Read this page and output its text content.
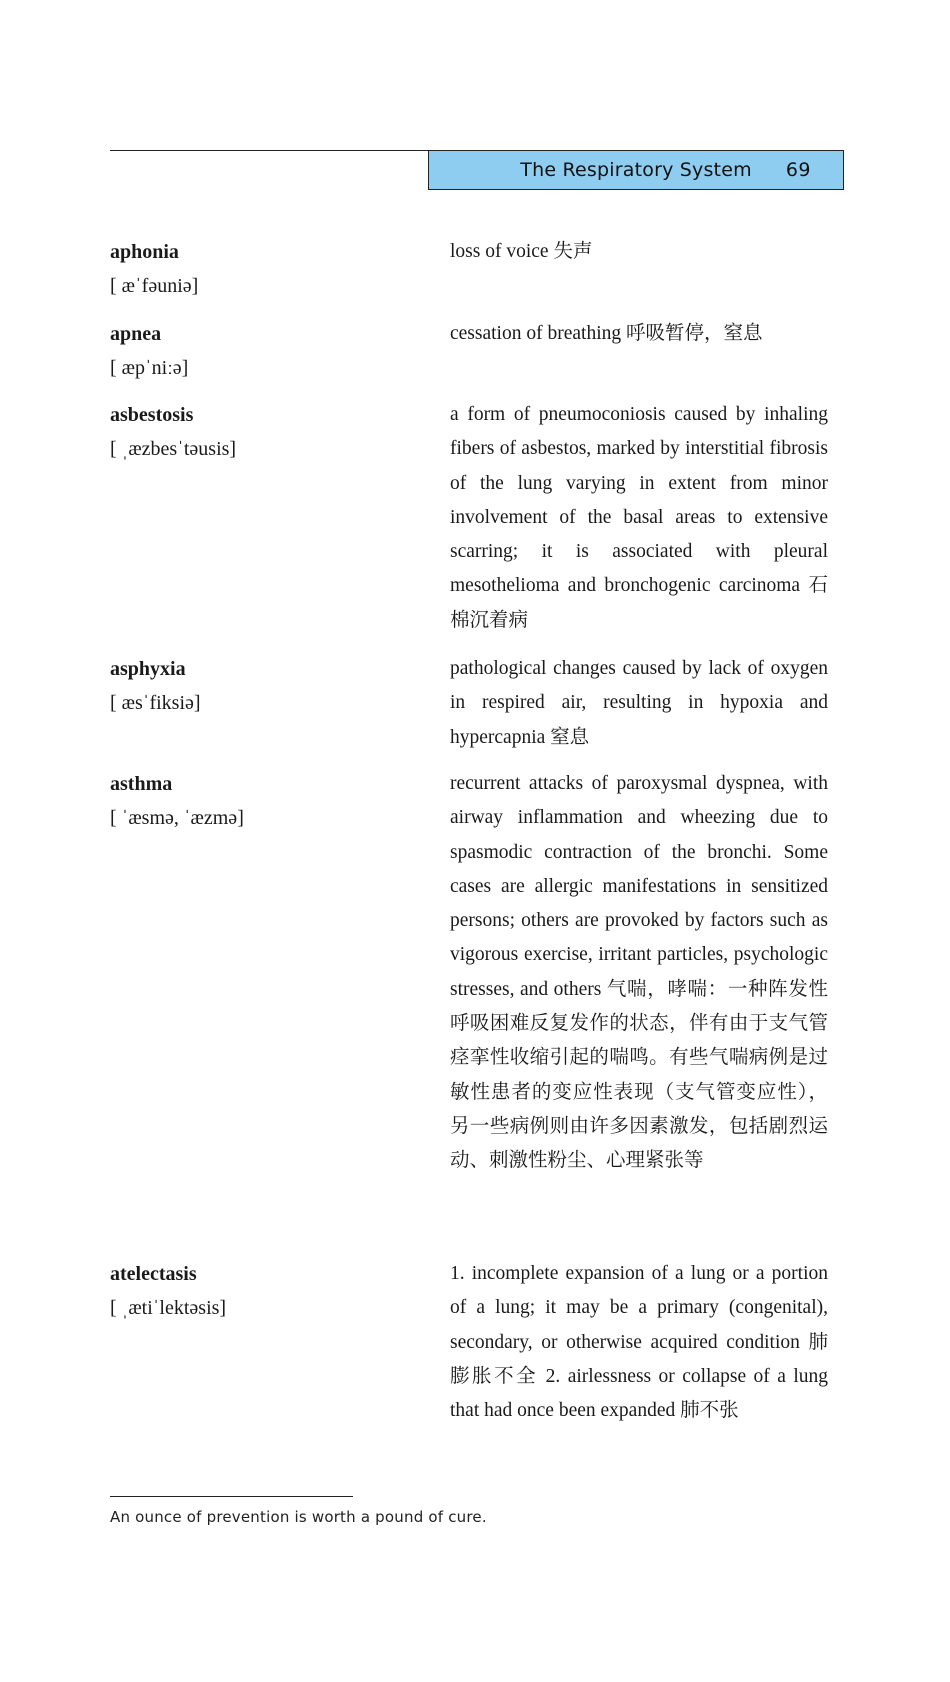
The Respiratory System 69
aphonia
[ æˈfəuniə]
loss of voice 失声
apnea
[ æpˈniːə]
cessation of breathing 呼吸暂停，窒息
asbestosis
[ ˌæzbesˈtəusis]
a form of pneumoconiosis caused by inhaling fibers of asbestos, marked by interstitial fibrosis of the lung varying in extent from minor involvement of the basal areas to extensive scarring; it is associated with pleural mesothelioma and bronchogenic carcinoma 石棉沉着病
asphyxia
[ æsˈfiksiə]
pathological changes caused by lack of oxygen in respired air, resulting in hypoxia and hypercapnia 窒息
asthma
[ ˈæsmə, ˈæzmə]
recurrent attacks of paroxysmal dyspnea, with airway inflammation and wheezing due to spasmodic contraction of the bronchi. Some cases are allergic manifestations in sensitized persons; others are provoked by factors such as vigorous exercise, irritant particles, psychologic stresses, and others 气喘，哮喘：一种阵发性呼吸困难反复发作的状态，伴有由于支气管痉挛性收缩引起的喘鸣。有些气喘病例是过敏性患者的变应性表现（支气管变应性），另一些病例则由许多因素激发，包括剧烈运动、刺激性粉尘、心理紧张等
atelectasis
[ ˌætiˈlektəsis]
1. incomplete expansion of a lung or a portion of a lung; it may be a primary (congenital), secondary, or otherwise acquired condition 肺膨胀不全 2. airlessness or collapse of a lung that had once been expanded 肺不张
An ounce of prevention is worth a pound of cure.
